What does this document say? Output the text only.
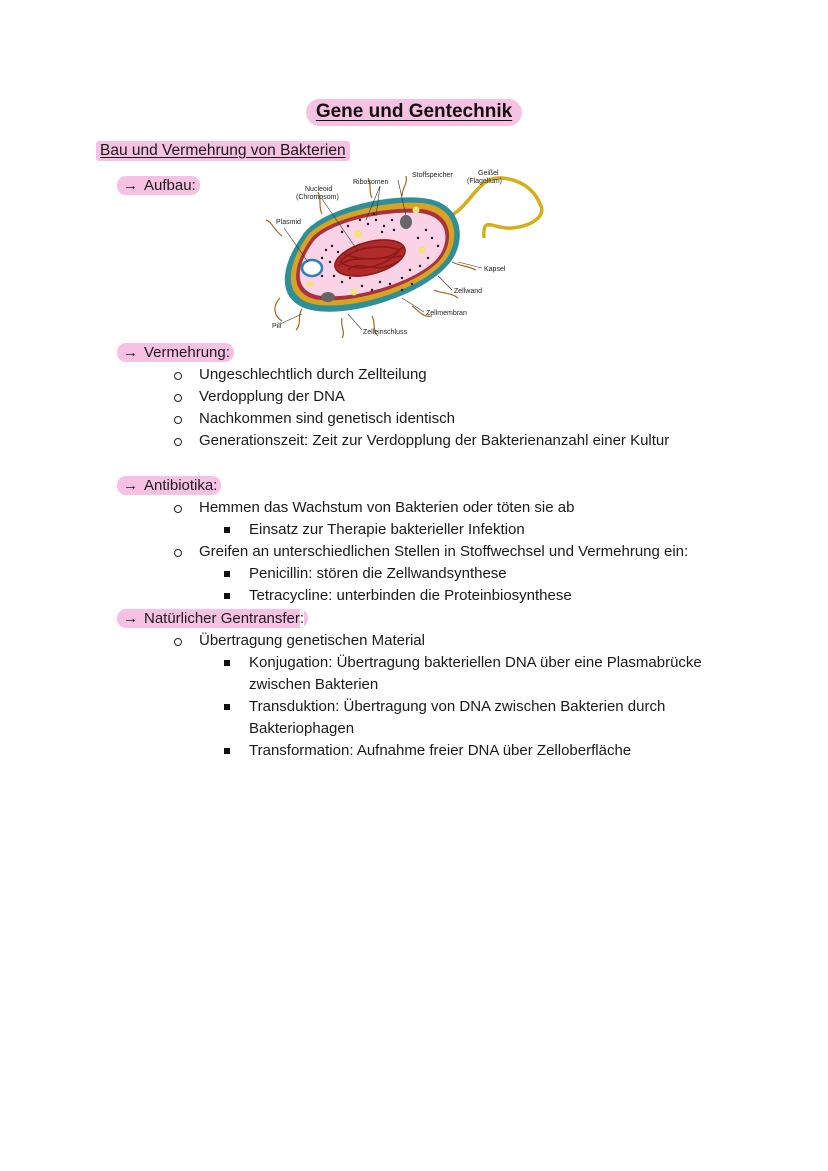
Gene und Gentechnik
Bau und Vermehrung von Bakterien
→ Aufbau:
Stoffspeicher	Geißel
(Flagellum)
Ribosomen
Nucleoid
(Chromosom)
Plasmid
Kapsel
Zellwand
Zellmembran
Pili
Zelleinschluss
→ Vermehrung:
Ungeschlechtlich durch Zellteilung
Verdopplung der DNA
Nachkommen sind genetisch identisch
Generationszeit: Zeit zur Verdopplung der Bakterienanzahl einer Kultur
→ Antibiotika:
Hemmen das Wachstum von Bakterien oder töten sie ab
Einsatz zur Therapie bakterieller Infektion
Greifen an unterschiedlichen Stellen in Stoffwechsel und Vermehrung ein:
Penicillin: stören die Zellwandsynthese
Tetracycline: unterbinden die Proteinbiosynthese
→ Natürlicher Gentransfer:
Übertragung genetischen Material
Konjugation: Übertragung bakteriellen DNA über eine Plasmabrücke
zwischen Bakterien
Transduktion: Übertragung von DNA zwischen Bakterien durch
Bakteriophagen
Transformation: Aufnahme freier DNA über Zelloberfläche
